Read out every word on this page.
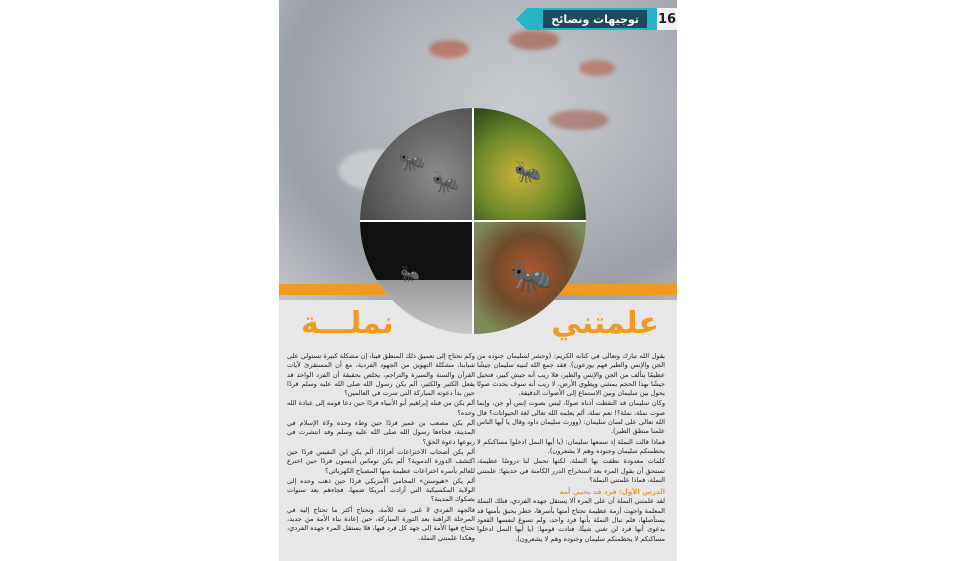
🐜
🐜 🐜
🐜	🐜
توجيهات ونصائح	16
علمتني
نملـــة

يقول الله تبارك وتعالى في كتابه الكريم: (وحشر لسليمان جنوده من الجن والإنس والطير فهم يوزعون). فقد جمع الله لنبيه سليمان جيشًا عظيمًا يتألف من الجن والإنس والطير، فلا ريب أنه جيش كبير، فتخيل جيشًا بهذا الحجم يمشي ويطوي الأرض، لا ريب أنه سوف يحدث صوتًا يحول بين سليمان وبين الاستماع إلى الأصوات الدقيقة.

وكان سليمان قد التقطت أذناه صوتًا، ليس بصوت إنس أو جن، وإنما صوت نملة، نملة؟! نعم نملة، ألم يعلمه الله تعالى لغة الحيوانات؟ قال الله تعالى على لسان سليمان: (وورث سليمان داود وقال يا أيها الناس علمنا منطق الطير).

فماذا قالت النملة إذ سمعها سليمان: (يا أيها النمل ادخلوا مساكنكم لا يحطمنكم سليمان وجنوده وهم لا يشعرون).

كلمات معدودة نطقت بها النملة، لكنها تحمل لنا دروسًا عظيمة، تستحق أن يقول المرء بعد استخراج الدرر الكامنة في حديثها: علمتني النملة، فماذا علمتني النملة؟

الدرس الأول: فرد قد يحيي أمة

لقد علمتني النملة أن على المرء ألا يستقل جهده الفردي، فتلك النملة المعلمة واجهت أزمة عظيمة تحتاج أمتها بأسرها، خطر يحيق بأمتها قد يستأصلها، فلم تبال النملة بأنها فرد واحد، ولم تسوغ لنفسها القعود بدعوى أنها فرد لن تغني شيئًا، فنادت قومها: (يا أيها النمل ادخلوا مساكنكم لا يحطمنكم سليمان وجنوده وهم لا يشعرون).

وكم نحتاج إلى تعميق ذلك المنطق فينا، إن مشكلة كبيرة تستولي على شبابنا، مشكلة التهوين من الجهود الفردية، مع أن المستقرئ لآيات القرآن والسنة والسيرة والتراجم، يخلص بحقيقة أن الفرد الواحد قد يفعل الكثير والكثير، ألم يكن رسول الله صلى الله عليه وسلم فردًا حين بدأ دعوته المباركة التي سرت في العالمين؟

ألم يكن من قبله إبراهيم أبو الأنبياء فردًا حين دعا قومه إلى عبادة الله وحده؟

ألم يكن مصعب بن عمير فردًا حين وطء وحده ولاة الإسلام في المدينة، فجاءها رسول الله صلى الله عليه وسلم وقد انتشرت في ربوعها دعوة الحق؟

ألم يكن أصحاب الاختراعات أفرادًا، ألم يكن ابن النفيس فردًا حين اكتشف الدورة الدموية؟ ألم يكن توماس أديسون فردًا حين اخترع للعالم بأسره اختراعات عظيمة منها المصباح الكهربائي؟

ألم يكن «هيوستن» المحامي الأمريكي فردًا حين ذهب وحده إلى الولاية المكسيكية التي أرادت أمريكا ضمها، فجاءهم بعد سنوات بصكوك المدينة؟

فالجهد الفردي لا غنى عنه للأمة، وتحتاج أكثر ما تحتاج إليه في المرحلة الراهنة بعد الثورة المباركة، حين إعادة بناء الأمة من جديد، تحتاج فيها الأمة إلى جهد كل فرد فيها، فلا يستقل المرء جهده الفردي، وهكذا علمتني النملة.
